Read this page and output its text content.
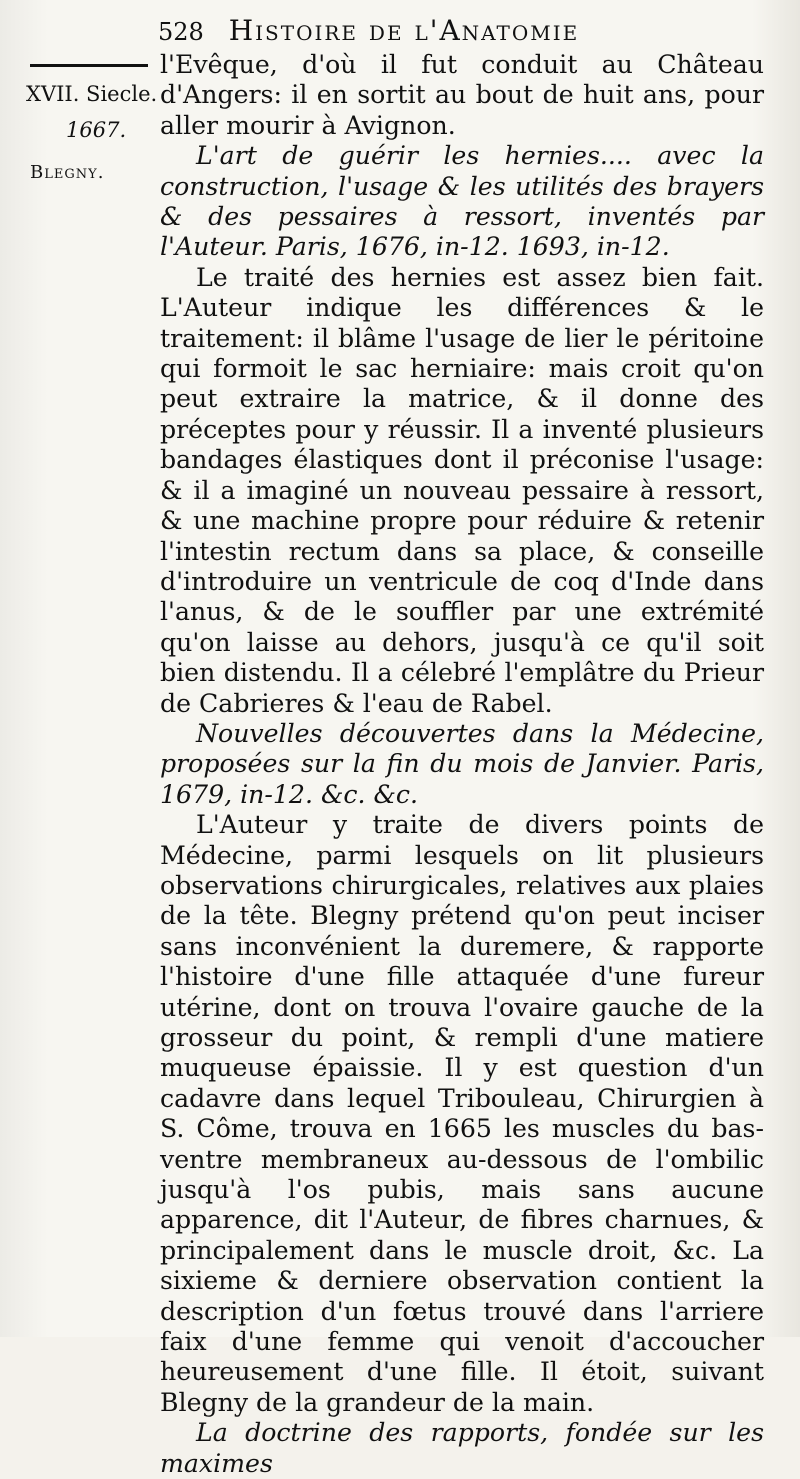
528 Histoire de l'Anatomie
XVII. Siecle.
1667.
Blegny.

l'Evêque, d'où il fut conduit au Château d'Angers: il en sortit au bout de huit ans, pour aller mourir à Avignon.

L'art de guérir les hernies.... avec la construction, l'usage & les utilités des brayers & des pessaires à ressort, inventés par l'Auteur. Paris, 1676, in-12. 1693, in-12.

Le traité des hernies est assez bien fait. L'Auteur indique les différences & le traitement: il blâme l'usage de lier le péritoine qui formoit le sac herniaire: mais croit qu'on peut extraire la matrice, & il donne des préceptes pour y réussir. Il a inventé plusieurs bandages élastiques dont il préconise l'usage: & il a imaginé un nouveau pessaire à ressort, & une machine propre pour réduire & retenir l'intestin rectum dans sa place, & conseille d'introduire un ventricule de coq d'Inde dans l'anus, & de le souffler par une extrémité qu'on laisse au dehors, jusqu'à ce qu'il soit bien distendu. Il a célebré l'emplâtre du Prieur de Cabrieres & l'eau de Rabel.

Nouvelles découvertes dans la Médecine, proposées sur la fin du mois de Janvier. Paris, 1679, in-12. &c. &c.

L'Auteur y traite de divers points de Médecine, parmi lesquels on lit plusieurs observations chirurgicales, relatives aux plaies de la tête. Blegny prétend qu'on peut inciser sans inconvénient la duremere, & rapporte l'histoire d'une fille attaquée d'une fureur utérine, dont on trouva l'ovaire gauche de la grosseur du point, & rempli d'une matiere muqueuse épaissie. Il y est question d'un cadavre dans lequel Tribouleau, Chirurgien à S. Côme, trouva en 1665 les muscles du bas-ventre membraneux au-dessous de l'ombilic jusqu'à l'os pubis, mais sans aucune apparence, dit l'Auteur, de fibres charnues, & principalement dans le muscle droit, &c. La sixieme & derniere observation contient la description d'un fœtus trouvé dans l'arriere faix d'une femme qui venoit d'accoucher heureusement d'une fille. Il étoit, suivant Blegny de la grandeur de la main.

La doctrine des rapports, fondée sur les maximes
